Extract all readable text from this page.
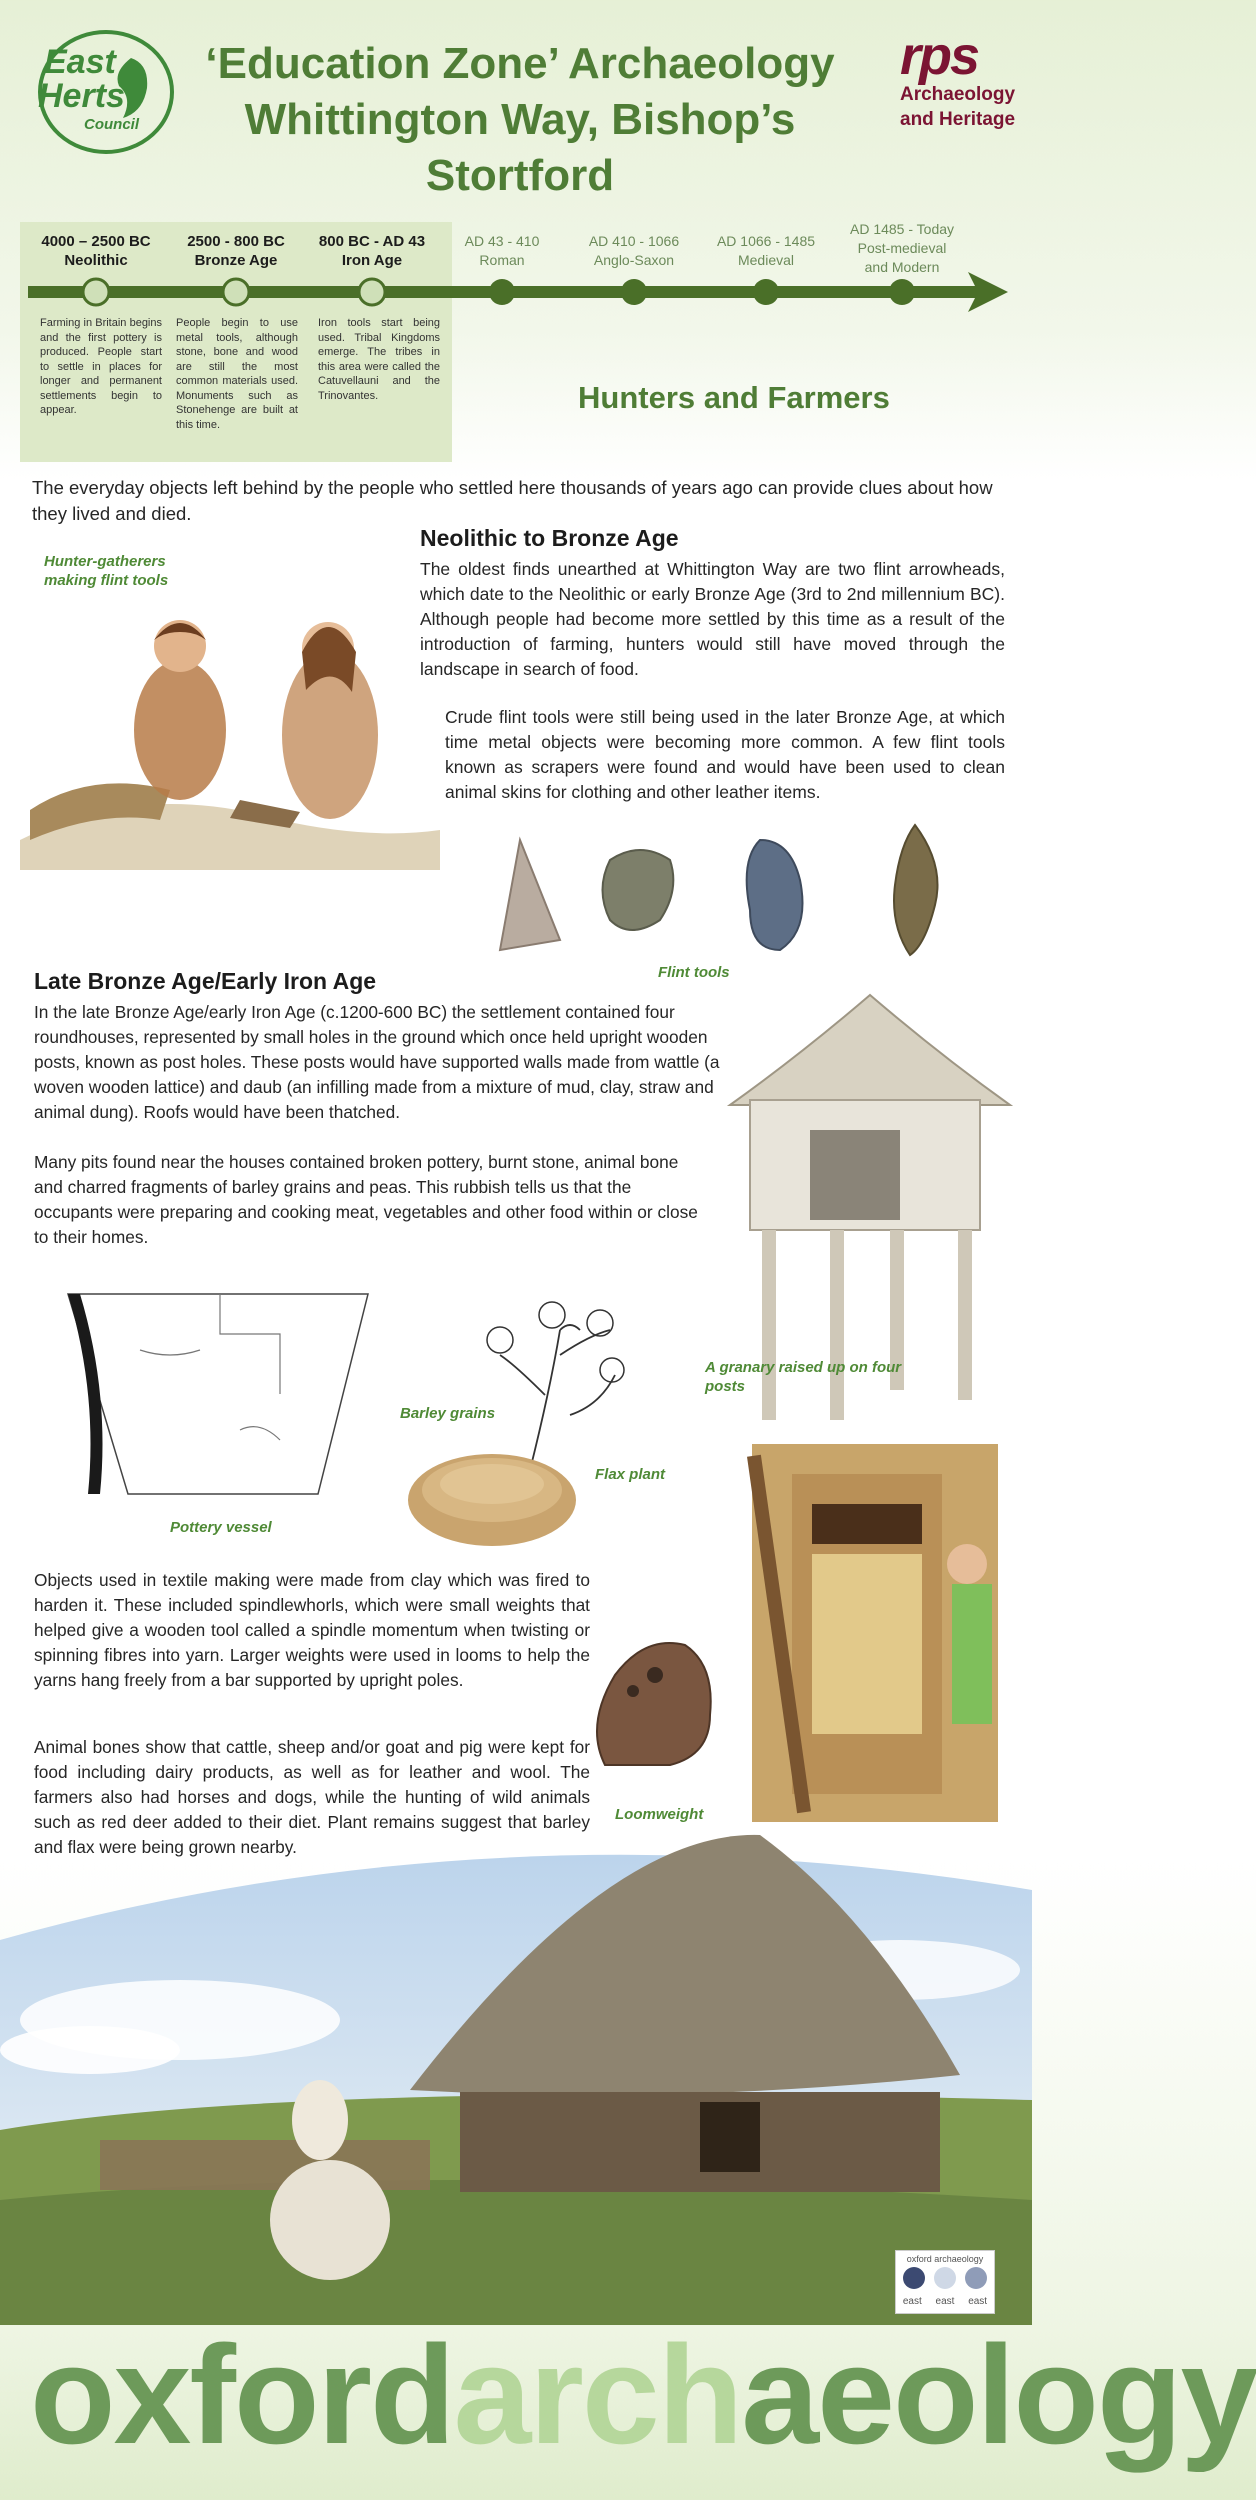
East
Herts
Council
‘Education Zone’ Archaeology
Whittington Way, Bishop’s Stortford
rps
Archaeology
and Heritage
4000 – 2500 BC
Neolithic
2500 - 800 BC
Bronze Age
800 BC - AD 43
Iron Age
AD 43 - 410
Roman
AD 410 - 1066
Anglo-Saxon
AD 1066 - 1485
Medieval
AD 1485 - Today
Post-medieval
and Modern
Farming in Britain begins and the first pottery is produced. People start to settle in places for longer and permanent settlements begin to appear.
People begin to use metal tools, although stone, bone and wood are still the most common materials used. Monuments such as Stonehenge are built at this time.
Iron tools start being used. Tribal Kingdoms emerge. The tribes in this area were called the Catuvellauni and the Trinovantes.	Hunters and Farmers
The everyday objects left behind by the people who settled here thousands of years ago can provide clues about how they lived and died.
Hunter-gatherers making flint tools
Neolithic to Bronze Age
The oldest finds unearthed at Whittington Way are two flint arrowheads, which date to the Neolithic or early Bronze Age (3rd to 2nd millennium BC). Although people had become more settled by this time as a result of the introduction of farming, hunters would still have moved through the landscape in search of food.
Crude flint tools were still being used in the later Bronze Age, at which time metal objects were becoming more common. A few flint tools known as scrapers were found and would have been used to clean animal skins for clothing and other leather items.
Flint tools
Late Bronze Age/Early Iron Age
In the late Bronze Age/early Iron Age (c.1200-600 BC) the settlement contained four roundhouses, represented by small holes in the ground which once held upright wooden posts, known as post holes. These posts would have supported walls made from wattle (a woven wooden lattice) and daub (an infilling made from a mixture of mud, clay, straw and animal dung). Roofs would have been thatched.
Many pits found near the houses contained broken pottery, burnt stone, animal bone and charred fragments of barley grains and peas. This rubbish tells us that the occupants were preparing and cooking meat, vegetables and other food within or close to their homes.
A granary raised up on four posts
Pottery vessel
Barley grains
Flax plant
Objects used in textile making were made from clay which was fired to harden it. These included spindlewhorls, which were small weights that helped give a wooden tool called a spindle momentum when twisting or spinning fibres into yarn. Larger weights were used in looms to help the yarns hang freely from a bar supported by upright poles.
Animal bones show that cattle, sheep and/or goat and pig were kept for food including dairy products, as well as for leather and wool. The farmers also had horses and dogs, while the hunting of wild animals such as red deer added to their diet. Plant remains suggest that barley and flax were being grown nearby.
Loomweight
oxford archaeology
east east east
oxfordarchaeology
